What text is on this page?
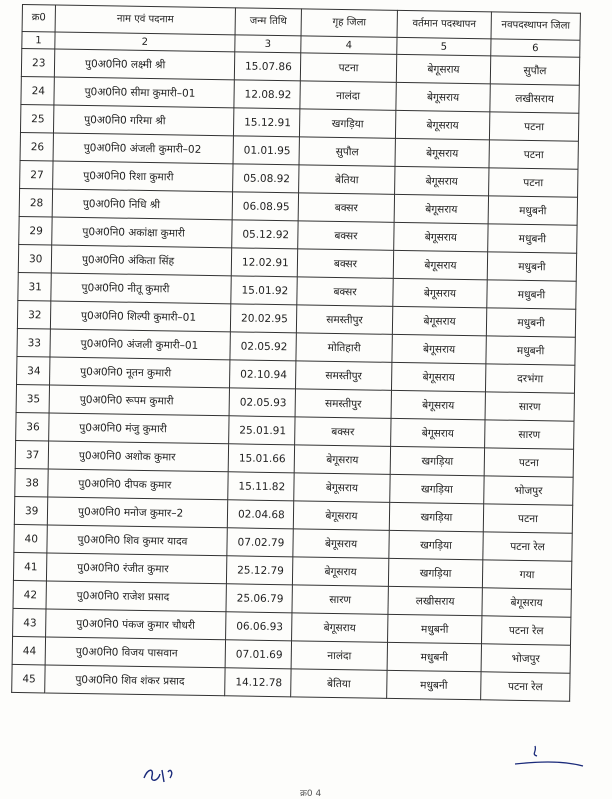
क्र0	नाम एवं पदनाम	जन्म तिथि	गृह जिला	वर्तमान पदस्थापन	नवपदस्थापन जिला
1	2	3	4	5	6
23	पु0अ0नि0 लक्ष्मी श्री	15.07.86	पटना	बेगूसराय	सुपौल
24	पु0अ0नि0 सीमा कुमारी–01	12.08.92	नालंदा	बेगूसराय	लखीसराय
25	पु0अ0नि0 गरिमा श्री	15.12.91	खगड़िया	बेगूसराय	पटना
26	पु0अ0नि0 अंजली कुमारी–02	01.01.95	सुपौल	बेगूसराय	पटना
27	पु0अ0नि0 रिशा कुमारी	05.08.92	बेतिया	बेगूसराय	पटना
28	पु0अ0नि0 निधि श्री	06.08.95	बक्सर	बेगूसराय	मधुबनी
29	पु0अ0नि0 अकांक्षा कुमारी	05.12.92	बक्सर	बेगूसराय	मधुबनी
30	पु0अ0नि0 अंकिता सिंह	12.02.91	बक्सर	बेगूसराय	मधुबनी
31	पु0अ0नि0 नीतू कुमारी	15.01.92	बक्सर	बेगूसराय	मधुबनी
32	पु0अ0नि0 शिल्पी कुमारी–01	20.02.95	समस्तीपुर	बेगूसराय	मधुबनी
33	पु0अ0नि0 अंजली कुमारी–01	02.05.92	मोतिहारी	बेगूसराय	मधुबनी
34	पु0अ0नि0 नूतन कुमारी	02.10.94	समस्तीपुर	बेगूसराय	दरभंगा
35	पु0अ0नि0 रूपम कुमारी	02.05.93	समस्तीपुर	बेगूसराय	सारण
36	पु0अ0नि0 मंजु कुमारी	25.01.91	बक्सर	बेगूसराय	सारण
37	पु0अ0नि0 अशोक कुमार	15.01.66	बेगूसराय	खगड़िया	पटना
38	पु0अ0नि0 दीपक कुमार	15.11.82	बेगूसराय	खगड़िया	भोजपुर
39	पु0अ0नि0 मनोज कुमार–2	02.04.68	बेगूसराय	खगड़िया	पटना
40	पु0अ0नि0 शिव कुमार यादव	07.02.79	बेगूसराय	खगड़िया	पटना रेल
41	पु0अ0नि0 रंजीत कुमार	25.12.79	बेगूसराय	खगड़िया	गया
42	पु0अ0नि0 राजेश प्रसाद	25.06.79	सारण	लखीसराय	बेगूसराय
43	पु0अ0नि0 पंकज कुमार चौधरी	06.06.93	बेगूसराय	मधुबनी	पटना रेल
44	पु0अ0नि0 विजय पासवान	07.01.69	नालंदा	मधुबनी	भोजपुर
45	पु0अ0नि0 शिव शंकर प्रसाद	14.12.78	बेतिया	मधुबनी	पटना रेल
क्र0 4
